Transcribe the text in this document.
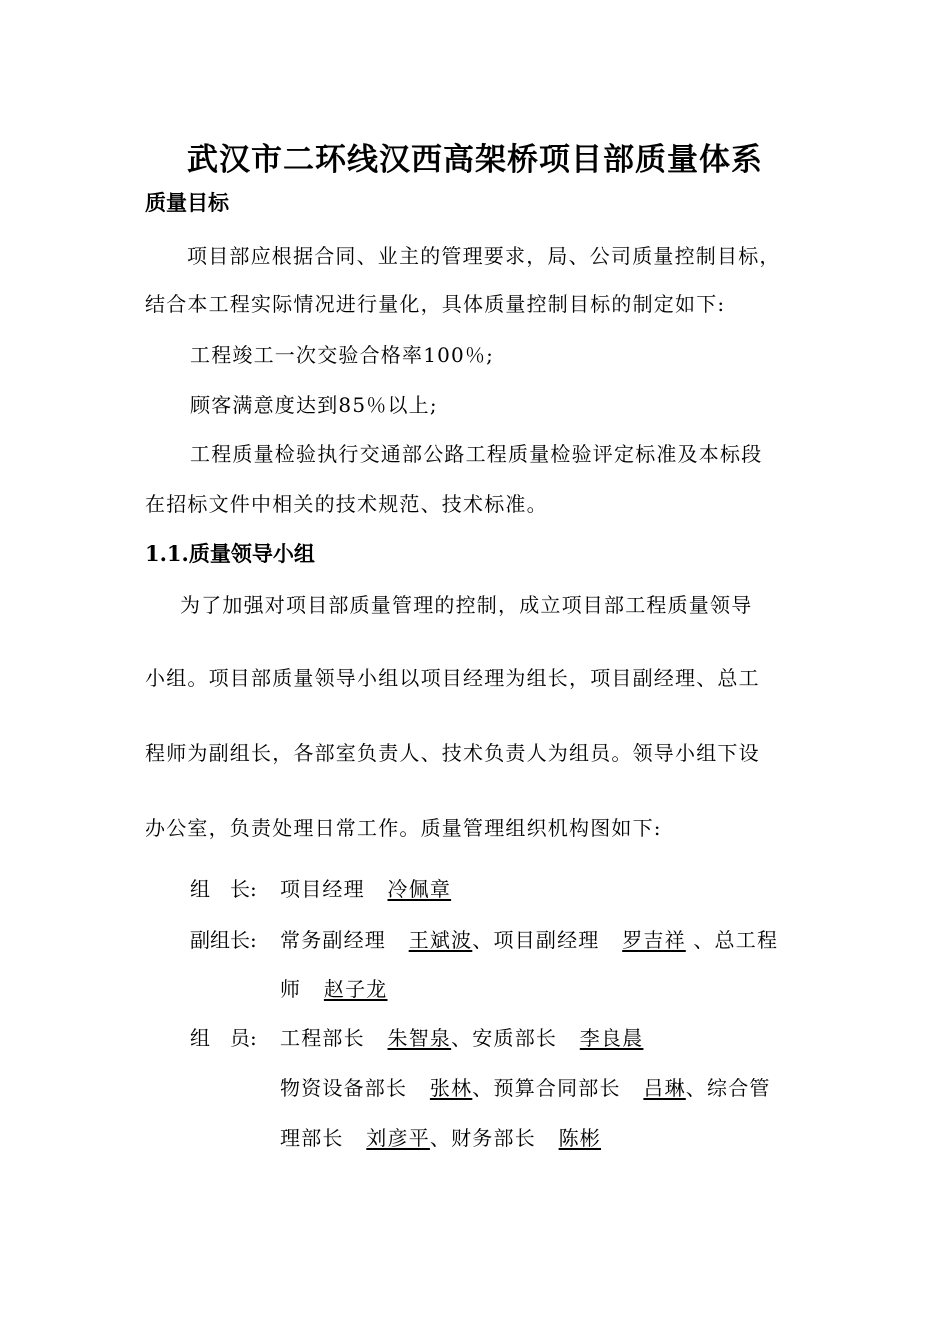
武汉市二环线汉西高架桥项目部质量体系
质量目标
项目部应根据合同、业主的管理要求，局、公司质量控制目标，
结合本工程实际情况进行量化，具体质量控制目标的制定如下:
工程竣工一次交验合格率100％;
顾客满意度达到85％以上;
工程质量检验执行交通部公路工程质量检验评定标准及本标段
在招标文件中相关的技术规范、技术标准。
1.1.质量领导小组
为了加强对项目部质量管理的控制，成立项目部工程质量领导
小组。项目部质量领导小组以项目经理为组长，项目副经理、总工
程师为副组长，各部室负责人、技术负责人为组员。领导小组下设
办公室，负责处理日常工作。质量管理组织机构图如下:
组　长: 项目经理 冷佩章
副组长: 常务副经理 王斌波、项目副经理 罗吉祥 、总工程
师 赵子龙
组　员: 工程部长 朱智泉、安质部长 李良晨
物资设备部长 张林、预算合同部长 吕琳、综合管
理部长 刘彦平、财务部长 陈彬
